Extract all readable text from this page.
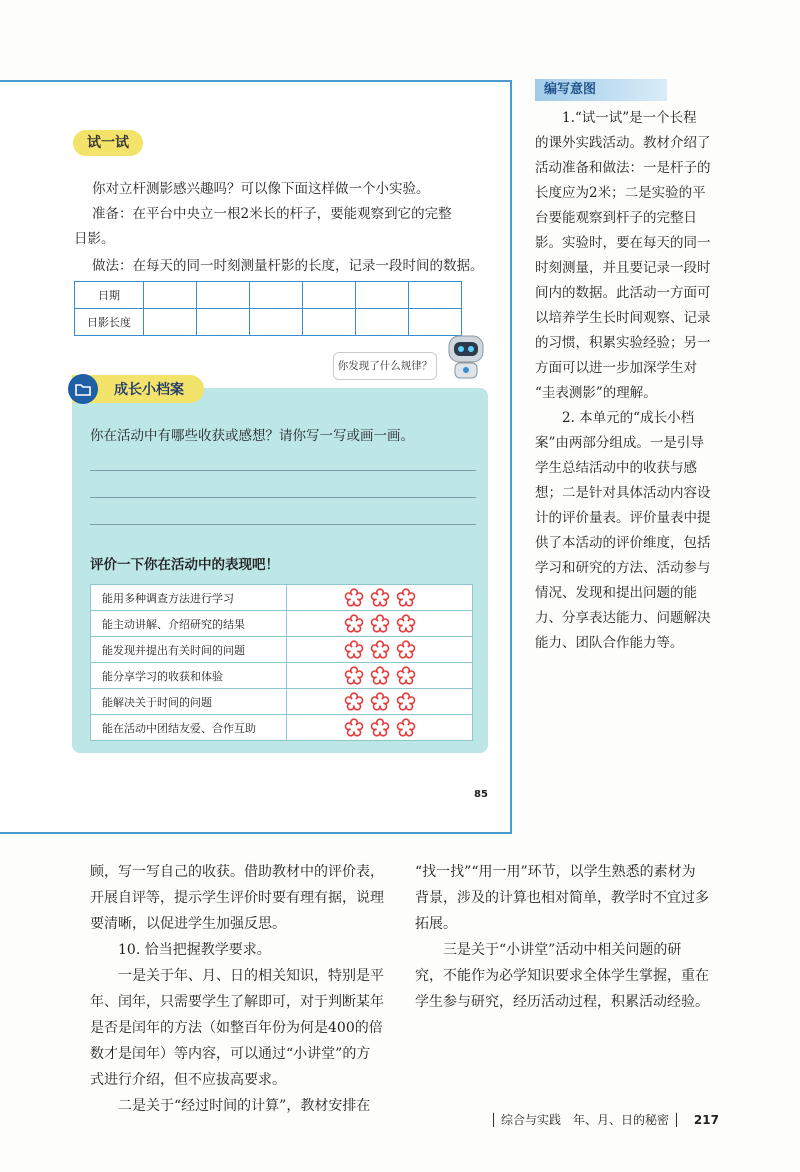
试一试
你对立杆测影感兴趣吗？可以像下面这样做一个小实验。
准备：在平台中央立一根2米长的杆子，要能观察到它的完整
日影。
做法：在每天的同一时刻测量杆影的长度，记录一段时间的数据。
日期						
日影长度						
你发现了什么规律？
成长小档案
你在活动中有哪些收获或感想？请你写一写或画一画。
评价一下你在活动中的表现吧！
能用多种调查方法进行学习	
能主动讲解、介绍研究的结果	
能发现并提出有关时间的问题	
能分享学习的收获和体验	
能解决关于时间的问题	
能在活动中团结友爱、合作互助	
85
编写意图

1.“试一试”是一个长程

的课外实践活动。教材介绍了

活动准备和做法：一是杆子的

长度应为2米；二是实验的平

台要能观察到杆子的完整日

影。实验时，要在每天的同一

时刻测量，并且要记录一段时

间内的数据。此活动一方面可

以培养学生长时间观察、记录

的习惯，积累实验经验；另一

方面可以进一步加深学生对

“圭表测影”的理解。

2. 本单元的“成长小档

案”由两部分组成。一是引导

学生总结活动中的收获与感

想；二是针对具体活动内容设

计的评价量表。评价量表中提

供了本活动的评价维度，包括

学习和研究的方法、活动参与

情况、发现和提出问题的能

力、分享表达能力、问题解决

能力、团队合作能力等。

顾，写一写自己的收获。借助教材中的评价表，

开展自评等，提示学生评价时要有理有据，说理

要清晰，以促进学生加强反思。

10. 恰当把握教学要求。

一是关于年、月、日的相关知识，特别是平

年、闰年，只需要学生了解即可，对于判断某年

是否是闰年的方法（如整百年份为何是400的倍

数才是闰年）等内容，可以通过“小讲堂”的方

式进行介绍，但不应拔高要求。

二是关于“经过时间的计算”，教材安排在

“找一找”“用一用”环节，以学生熟悉的素材为

背景，涉及的计算也相对简单，教学时不宜过多

拓展。

三是关于“小讲堂”活动中相关问题的研

究，不能作为必学知识要求全体学生掌握，重在

学生参与研究，经历活动过程，积累活动经验。

│ 综合与实践　年、月、日的秘密 │ 217
